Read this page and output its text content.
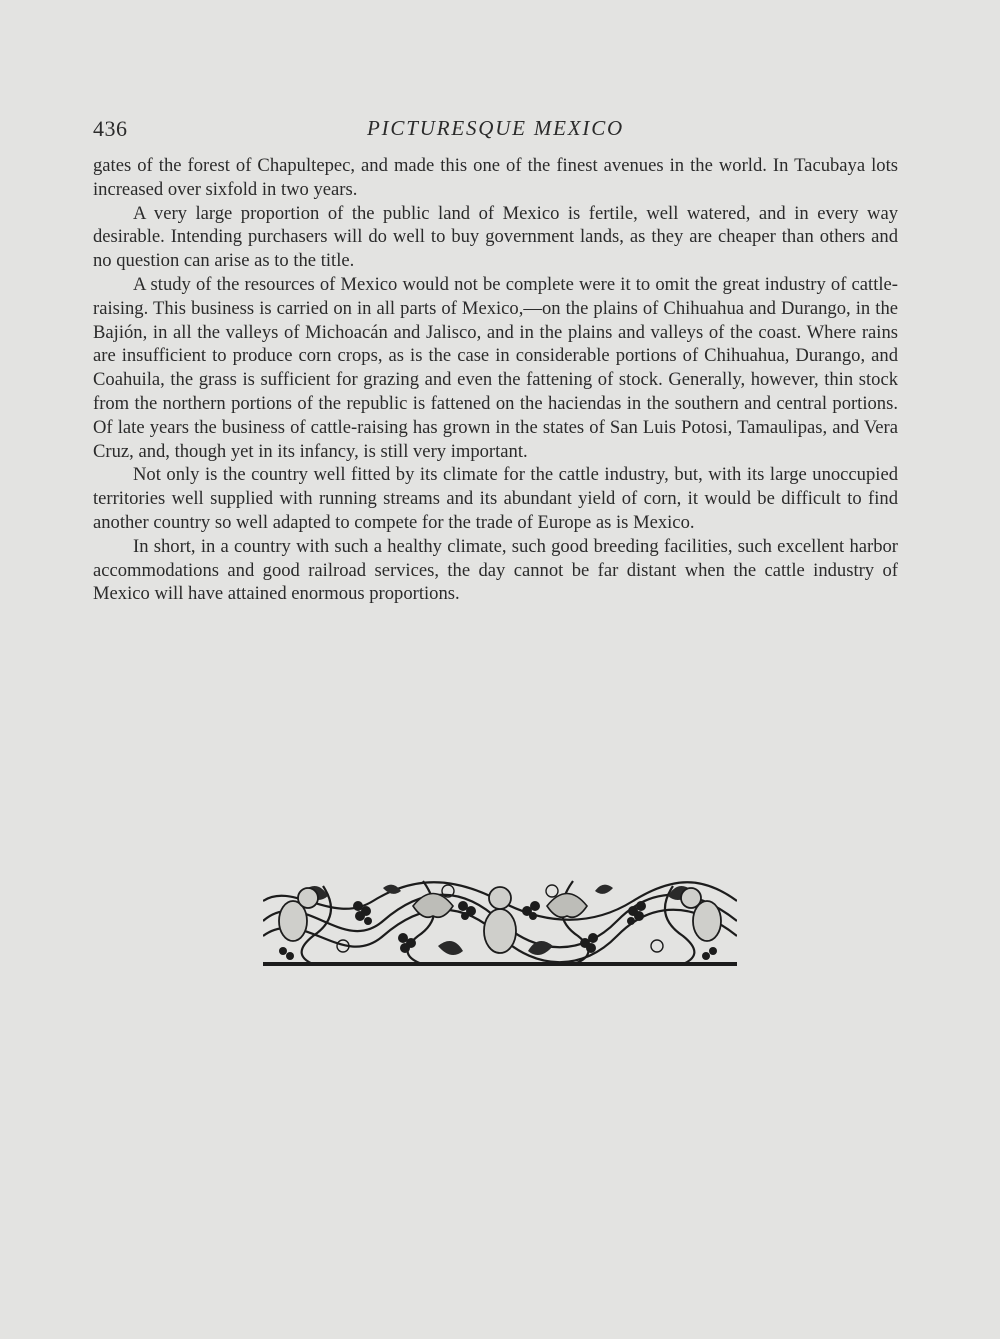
436	PICTURESQUE MEXICO

gates of the forest of Chapultepec, and made this one of the finest avenues in the world. In Tacubaya lots increased over sixfold in two years.

A very large proportion of the public land of Mexico is fertile, well watered, and in every way desirable. Intending purchasers will do well to buy government lands, as they are cheaper than others and no question can arise as to the title.

A study of the resources of Mexico would not be complete were it to omit the great industry of cattle-raising. This business is carried on in all parts of Mexico,—on the plains of Chihuahua and Durango, in the Bajión, in all the valleys of Michoacán and Jalisco, and in the plains and valleys of the coast. Where rains are insufficient to produce corn crops, as is the case in considerable portions of Chihuahua, Durango, and Coahuila, the grass is sufficient for grazing and even the fattening of stock. Generally, however, thin stock from the northern portions of the republic is fattened on the haciendas in the southern and central portions. Of late years the business of cattle-raising has grown in the states of San Luis Potosi, Tamaulipas, and Vera Cruz, and, though yet in its infancy, is still very important.

Not only is the country well fitted by its climate for the cattle industry, but, with its large unoccupied territories well supplied with running streams and its abundant yield of corn, it would be difficult to find another country so well adapted to compete for the trade of Europe as is Mexico.

In short, in a country with such a healthy climate, such good breeding facilities, such excellent harbor accommodations and good railroad services, the day cannot be far distant when the cattle industry of Mexico will have attained enormous proportions.
